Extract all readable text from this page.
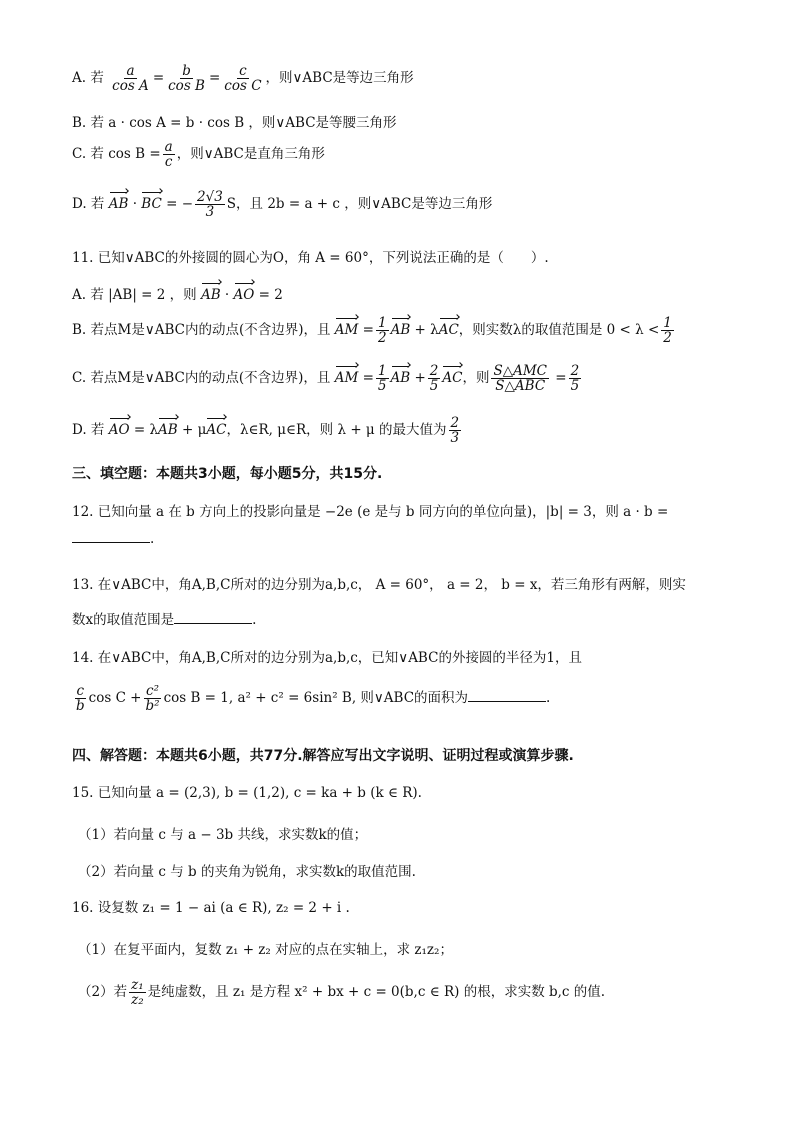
A. 若 $\frac{a}{\text{cos A}} = \frac{b}{\text{cos B}} = \frac{c}{\text{cos C}}$ ，则∨ABC是等边三角形
B. 若 a · cos A = b · cos B ，则∨ABC是等腰三角形
C. 若 $\cos B = \frac{a}{c}$ ，则∨ABC是直角三角形
D. 若 AB · BC = − $\frac{2√3}{3}$ S，且 2b = a + c ，则∨ABC是等边三角形
11. 已知∨ABC的外接圆的圆心为O，角 A = 60°，下列说法正确的是（　　）.
A. 若 |AB| = 2 ，则 AB · AO = 2
B. 若点M是∨ABC内的动点(不含边界)，且 AM = $\frac{1}{2}$ AB + λAC，则实数λ的取值范围是 $0 < \lambda < \frac{1}{2}$
C. 若点M是∨ABC内的动点(不含边界)，且 AM = $\frac{1}{5}$ AB + $\frac{2}{5}$ AC，则 $\frac{\text{S△AMC}}{\text{S△ABC}} = \frac{2}{5}$
D. 若 AO = λAB + μAC，λ∈R, μ∈R，则 λ + μ 的最大值为 $\frac{2}{3}$
三、填空题：本题共3小题，每小题5分，共15分.
12. 已知向量 a 在 b 方向上的投影向量是 −2e (e 是与 b 同方向的单位向量)，|b| = 3，则 a · b =
.
13. 在∨ABC中，角A,B,C所对的边分别为a,b,c， A = 60°， a = 2， b = x，若三角形有两解，则实
数x的取值范围是	.
14. 在∨ABC中，角A,B,C所对的边分别为a,b,c，已知∨ABC的外接圆的半径为1，且
$\frac{c}{b}$ $\cos C + \frac{\text{c²}}{\text{b²}}$ cos B = 1, a² + c² = 6sin² B, 则∨ABC的面积为	.
四、解答题：本题共6小题，共77分.解答应写出文字说明、证明过程或演算步骤.
15. 已知向量 a = (2,3), b = (1,2), c = ka + b (k ∈ R).
（1）若向量 c 与 a − 3b 共线，求实数k的值；
（2）若向量 c 与 b 的夹角为锐角，求实数k的取值范围.
16. 设复数 z₁ = 1 − ai (a ∈ R), z₂ = 2 + i .
（1）在复平面内，复数 z₁ + z₂ 对应的点在实轴上，求 z₁z₂；
（2）若 $\frac{\text{z₁}}{\text{z₂}}$ 是纯虚数，且 z₁ 是方程 x² + bx + c = 0(b,c ∈ R) 的根，求实数 b,c 的值.
